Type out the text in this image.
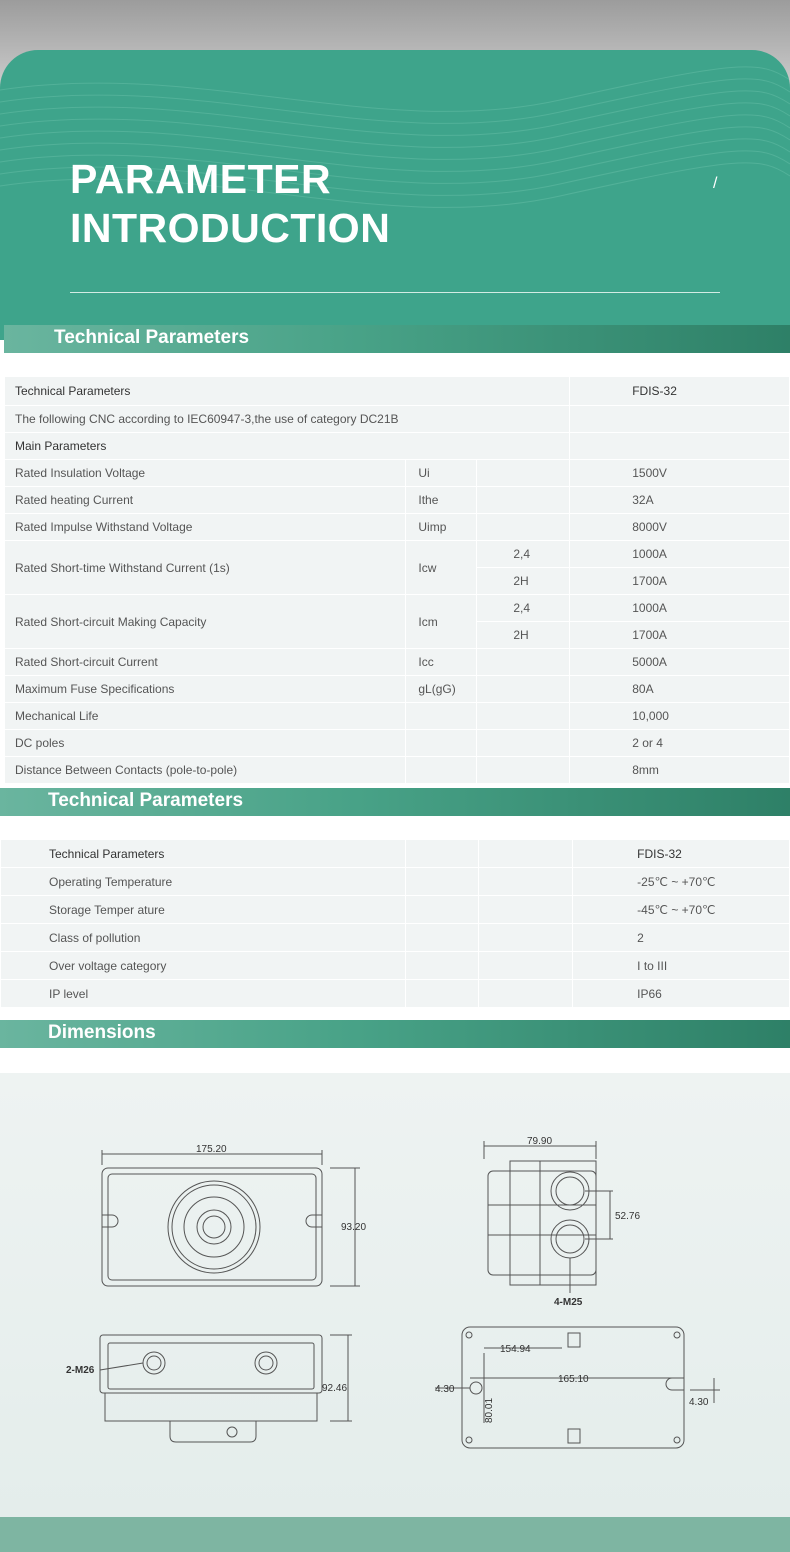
PARAMETER
INTRODUCTION
/
Technical Parameters
Technical Parameters			FDIS-32
The following CNC according to IEC60947-3,the use of category DC21B			
Main Parameters			
Rated Insulation Voltage	Ui		1500V
Rated heating Current	Ithe		32A
Rated Impulse Withstand Voltage	Uimp		8000V
Rated Short-time Withstand Current (1s)	Icw	2,4	1000A
		2H	1700A
Rated Short-circuit Making Capacity	Icm	2,4	1000A
		2H	1700A
Rated Short-circuit Current	Icc		5000A
Maximum Fuse Specifications	gL(gG)		80A
Mechanical Life			10,000
DC poles			2 or 4
Distance Between Contacts (pole-to-pole)			8mm
Technical Parameters
Technical Parameters			FDIS-32
Operating Temperature			-25℃ ~ +70℃
Storage Temper ature			-45℃ ~ +70℃
Class of pollution			2
Over voltage category			I to III
IP level			IP66
Dimensions
175.20
93.20
79.90
52.76
4-M25
2-M26
92.46
154.94
165.10
4.30
4.30
80.01
